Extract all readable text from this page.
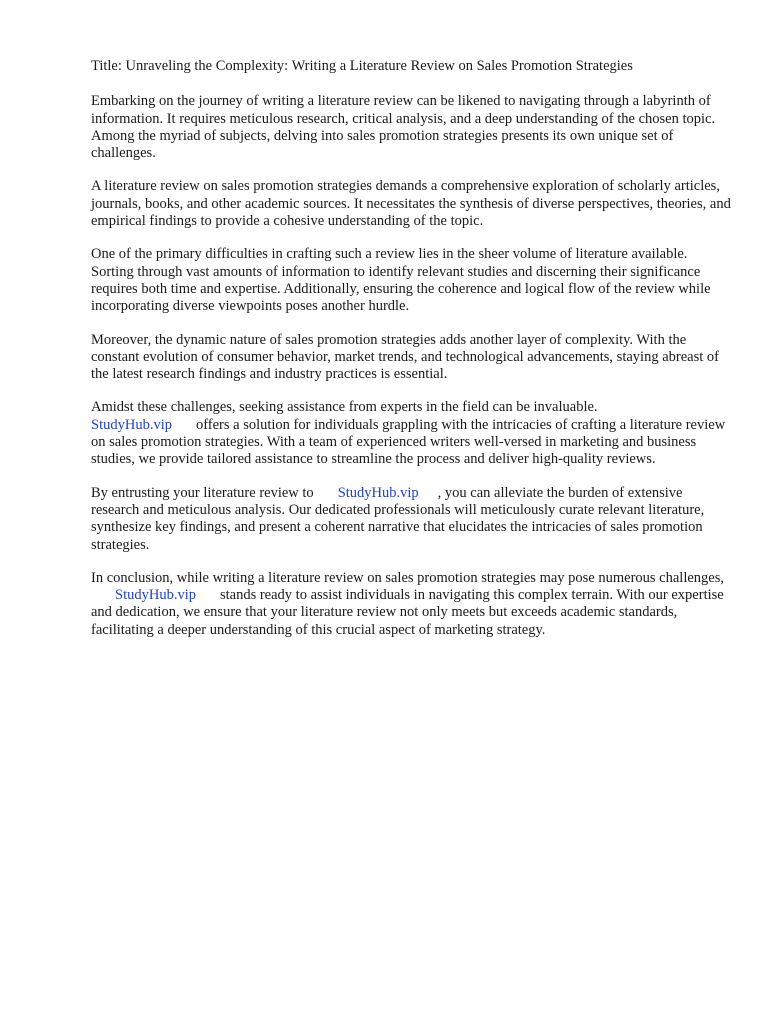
Title: Unraveling the Complexity: Writing a Literature Review on Sales Promotion Strategies

Embarking on the journey of writing a literature review can be likened to navigating through a labyrinth of information. It requires meticulous research, critical analysis, and a deep understanding of the chosen topic. Among the myriad of subjects, delving into sales promotion strategies presents its own unique set of challenges.

A literature review on sales promotion strategies demands a comprehensive exploration of scholarly articles, journals, books, and other academic sources. It necessitates the synthesis of diverse perspectives, theories, and empirical findings to provide a cohesive understanding of the topic.

One of the primary difficulties in crafting such a review lies in the sheer volume of literature available. Sorting through vast amounts of information to identify relevant studies and discerning their significance requires both time and expertise. Additionally, ensuring the coherence and logical flow of the review while incorporating diverse viewpoints poses another hurdle.

Moreover, the dynamic nature of sales promotion strategies adds another layer of complexity. With the constant evolution of consumer behavior, market trends, and technological advancements, staying abreast of the latest research findings and industry practices is essential.

Amidst these challenges, seeking assistance from experts in the field can be invaluable.
StudyHub.vip offers a solution for individuals grappling with the intricacies of crafting a literature review on sales promotion strategies. With a team of experienced writers well-versed in marketing and business studies, we provide tailored assistance to streamline the process and deliver high-quality reviews.

By entrusting your literature review to StudyHub.vip , you can alleviate the burden of extensive research and meticulous analysis. Our dedicated professionals will meticulously curate relevant literature, synthesize key findings, and present a coherent narrative that elucidates the intricacies of sales promotion strategies.

In conclusion, while writing a literature review on sales promotion strategies may pose numerous challenges,StudyHub.vip stands ready to assist individuals in navigating this complex terrain. With our expertise and dedication, we ensure that your literature review not only meets but exceeds academic standards, facilitating a deeper understanding of this crucial aspect of marketing strategy.
